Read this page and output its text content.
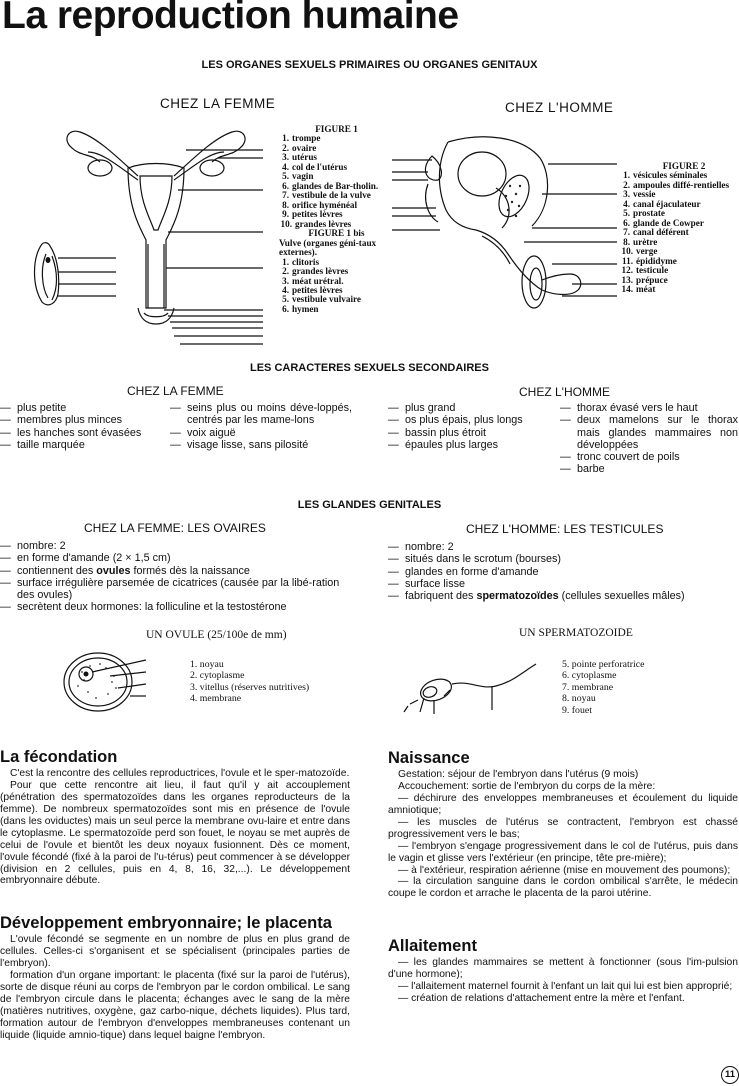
La reproduction humaine
LES ORGANES SEXUELS PRIMAIRES OU ORGANES GENITAUX
CHEZ LA FEMME	CHEZ L'HOMME
FIGURE 1
1. trompe
2. ovaire
3. utérus
4. col de l'utérus
5. vagin
6. glandes de Bar-tholin.
7. vestibule de la vulve
8. orifice hyménéal
9. petites lèvres
10. grandes lèvres
FIGURE 1 bis
Vulve (organes géni-taux externes).
1. clitoris
2. grandes lèvres
3. méat urétral.
4. petites lèvres
5. vestibule vulvaire
6. hymen
FIGURE 2
1. vésicules séminales
2. ampoules diffé-rentielles
3. vessie
4. canal éjaculateur
5. prostate
6. glande de Cowper
7. canal déférent
8. urètre
10. verge
11. épididyme
12. testicule
13. prépuce
14. méat
LES CARACTERES SEXUELS SECONDAIRES
CHEZ LA FEMME	CHEZ L'HOMME
— plus petite
— membres plus minces
— les hanches sont évasées
— taille marquée
— seins plus ou moins déve-loppés, centrés par les mame-lons
— voix aiguë
— visage lisse, sans pilosité
— plus grand
— os plus épais, plus longs
— bassin plus étroit
— épaules plus larges
— thorax évasé vers le haut
— deux mamelons sur le thorax mais glandes mammaires non développées
— tronc couvert de poils
— barbe
LES GLANDES GENITALES
CHEZ LA FEMME: LES OVAIRES	CHEZ L'HOMME: LES TESTICULES
— nombre: 2
— en forme d'amande (2 × 1,5 cm)
— contiennent des ovules formés dès la naissance
— surface irrégulière parsemée de cicatrices (causée par la libé-ration des ovules)
— secrètent deux hormones: la folliculine et la testostérone
— nombre: 2
— situés dans le scrotum (bourses)
— glandes en forme d'amande
— surface lisse
— fabriquent des spermatozoïdes (cellules sexuelles mâles)
UN OVULE (25/100e de mm)
1. noyau
2. cytoplasme
3. vitellus (réserves nutritives)
4. membrane
UN SPERMATOZOIDE
5. pointe perforatrice
6. cytoplasme
7. membrane
8. noyau
9. fouet
La fécondation

C'est la rencontre des cellules reproductrices, l'ovule et le sper-matozoïde.

Pour que cette rencontre ait lieu, il faut qu'il y ait accouplement (pénétration des spermatozoïdes dans les organes reproducteurs de la femme). De nombreux spermatozoïdes sont mis en présence de l'ovule (dans les oviductes) mais un seul perce la membrane ovu-laire et entre dans le cytoplasme. Le spermatozoïde perd son fouet, le noyau se met auprès de celui de l'ovule et bientôt les deux noyaux fusionnent. Dès ce moment, l'ovule fécondé (fixé à la paroi de l'u-térus) peut commencer à se développer (division en 2 cellules, puis en 4, 8, 16, 32,...). Le développement embryonnaire débute.

Développement embryonnaire; le placenta

L'ovule fécondé se segmente en un nombre de plus en plus grand de cellules. Celles-ci s'organisent et se spécialisent (principales parties de l'embryon).

formation d'un organe important: le placenta (fixé sur la paroi de l'utérus), sorte de disque réuni au corps de l'embryon par le cordon ombilical. Le sang de l'embryon circule dans le placenta; échanges avec le sang de la mère (matières nutritives, oxygène, gaz carbo-nique, déchets liquides). Plus tard, formation autour de l'embryon d'enveloppes membraneuses contenant un liquide (liquide amnio-tique) dans lequel baigne l'embryon.

Naissance

Gestation: séjour de l'embryon dans l'utérus (9 mois)

Accouchement: sortie de l'embryon du corps de la mère:

— déchirure des enveloppes membraneuses et écoulement du liquide amniotique;

— les muscles de l'utérus se contractent, l'embryon est chassé progressivement vers le bas;

— l'embryon s'engage progressivement dans le col de l'utérus, puis dans le vagin et glisse vers l'extérieur (en principe, tête pre-mière);

— à l'extérieur, respiration aérienne (mise en mouvement des poumons);

— la circulation sanguine dans le cordon ombilical s'arrête, le médecin coupe le cordon et arrache le placenta de la paroi utérine.

Allaitement

— les glandes mammaires se mettent à fonctionner (sous l'im-pulsion d'une hormone);

— l'allaitement maternel fournit à l'enfant un lait qui lui est bien approprié;

— création de relations d'attachement entre la mère et l'enfant.

11
